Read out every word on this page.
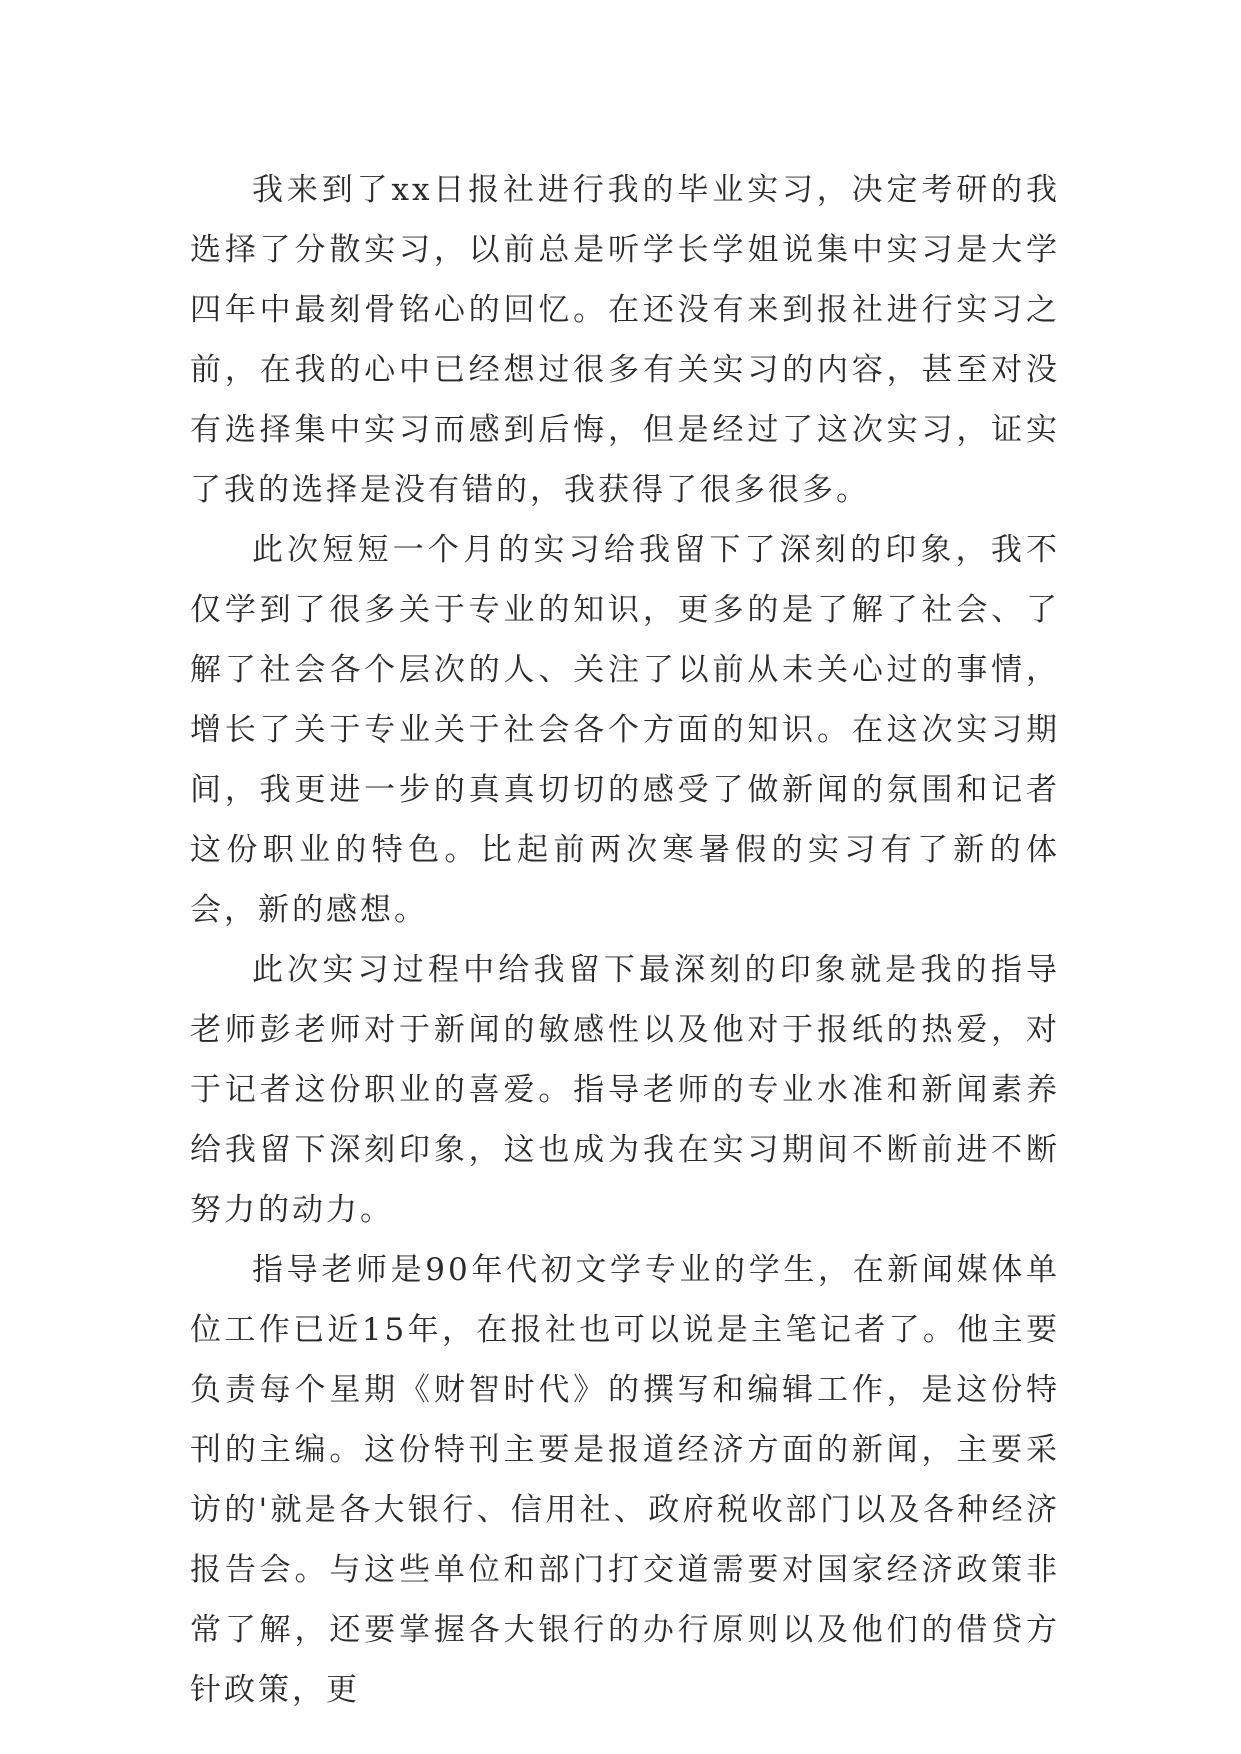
我来到了xx日报社进行我的毕业实习，决定考研的我选择了分散实习，以前总是听学长学姐说集中实习是大学四年中最刻骨铭心的回忆。在还没有来到报社进行实习之前，在我的心中已经想过很多有关实习的内容，甚至对没有选择集中实习而感到后悔，但是经过了这次实习，证实了我的选择是没有错的，我获得了很多很多。

此次短短一个月的实习给我留下了深刻的印象，我不仅学到了很多关于专业的知识，更多的是了解了社会、了解了社会各个层次的人、关注了以前从未关心过的事情，增长了关于专业关于社会各个方面的知识。在这次实习期间，我更进一步的真真切切的感受了做新闻的氛围和记者这份职业的特色。比起前两次寒暑假的实习有了新的体会，新的感想。

此次实习过程中给我留下最深刻的印象就是我的指导老师彭老师对于新闻的敏感性以及他对于报纸的热爱，对于记者这份职业的喜爱。指导老师的专业水准和新闻素养给我留下深刻印象，这也成为我在实习期间不断前进不断努力的动力。

指导老师是90年代初文学专业的学生，在新闻媒体单位工作已近15年，在报社也可以说是主笔记者了。他主要负责每个星期《财智时代》的撰写和编辑工作，是这份特刊的主编。这份特刊主要是报道经济方面的新闻，主要采访的'就是各大银行、信用社、政府税收部门以及各种经济报告会。与这些单位和部门打交道需要对国家经济政策非常了解，还要掌握各大银行的办行原则以及他们的借贷方针政策，更
